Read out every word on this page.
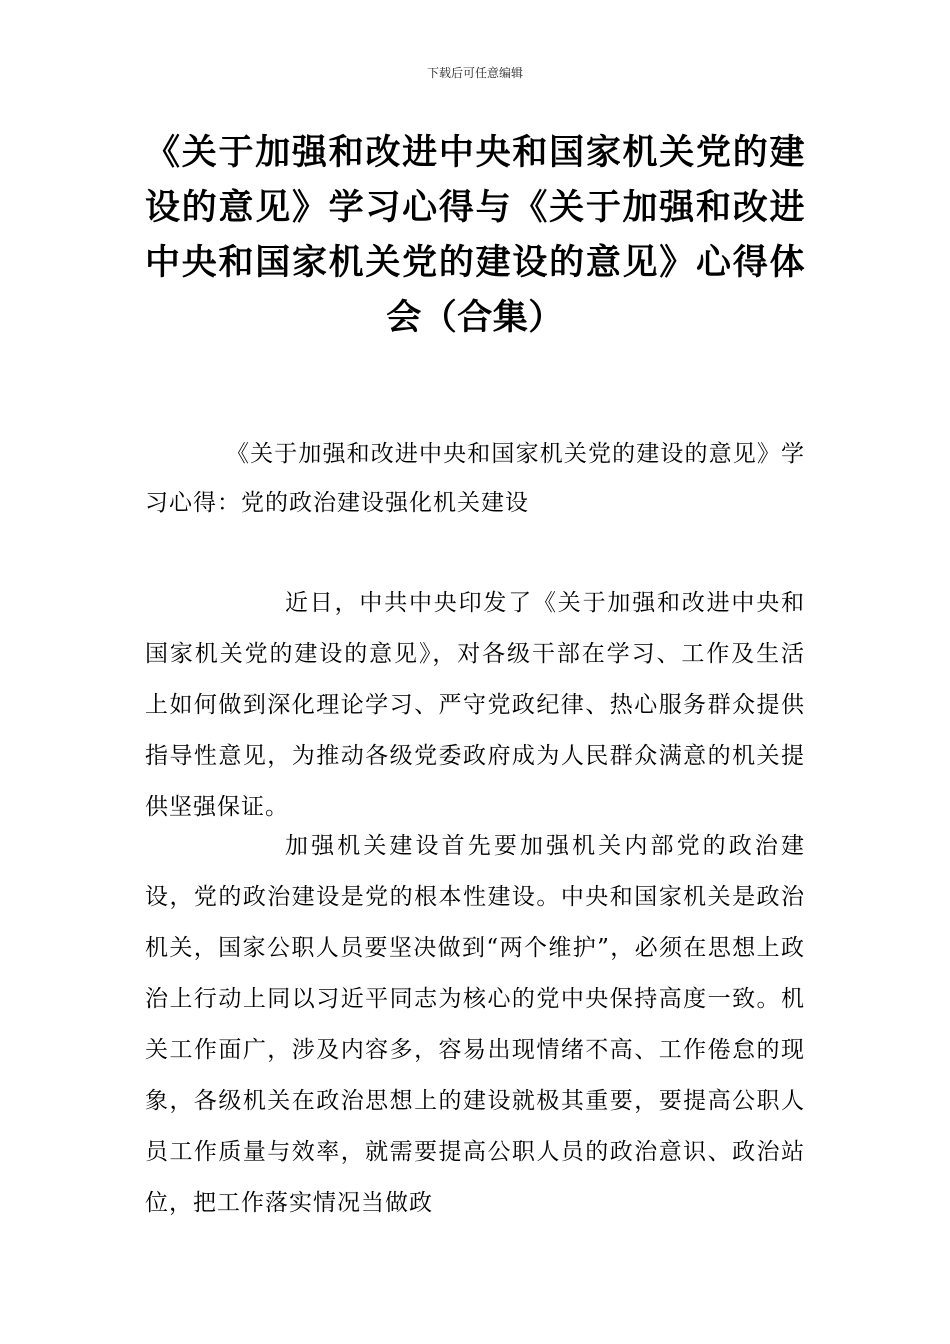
下载后可任意编辑
《关于加强和改进中央和国家机关党的建设的意见》学习心得与《关于加强和改进中央和国家机关党的建设的意见》心得体会（合集）
《关于加强和改进中央和国家机关党的建设的意见》学习心得：党的政治建设强化机关建设

近日，中共中央印发了《关于加强和改进中央和国家机关党的建设的意见》，对各级干部在学习、工作及生活上如何做到深化理论学习、严守党政纪律、热心服务群众提供指导性意见，为推动各级党委政府成为人民群众满意的机关提供坚强保证。

加强机关建设首先要加强机关内部党的政治建设，党的政治建设是党的根本性建设。中央和国家机关是政治机关，国家公职人员要坚决做到“两个维护”，必须在思想上政治上行动上同以习近平同志为核心的党中央保持高度一致。机关工作面广，涉及内容多，容易出现情绪不高、工作倦怠的现象，各级机关在政治思想上的建设就极其重要，要提高公职人员工作质量与效率，就需要提高公职人员的政治意识、政治站位，把工作落实情况当做政
